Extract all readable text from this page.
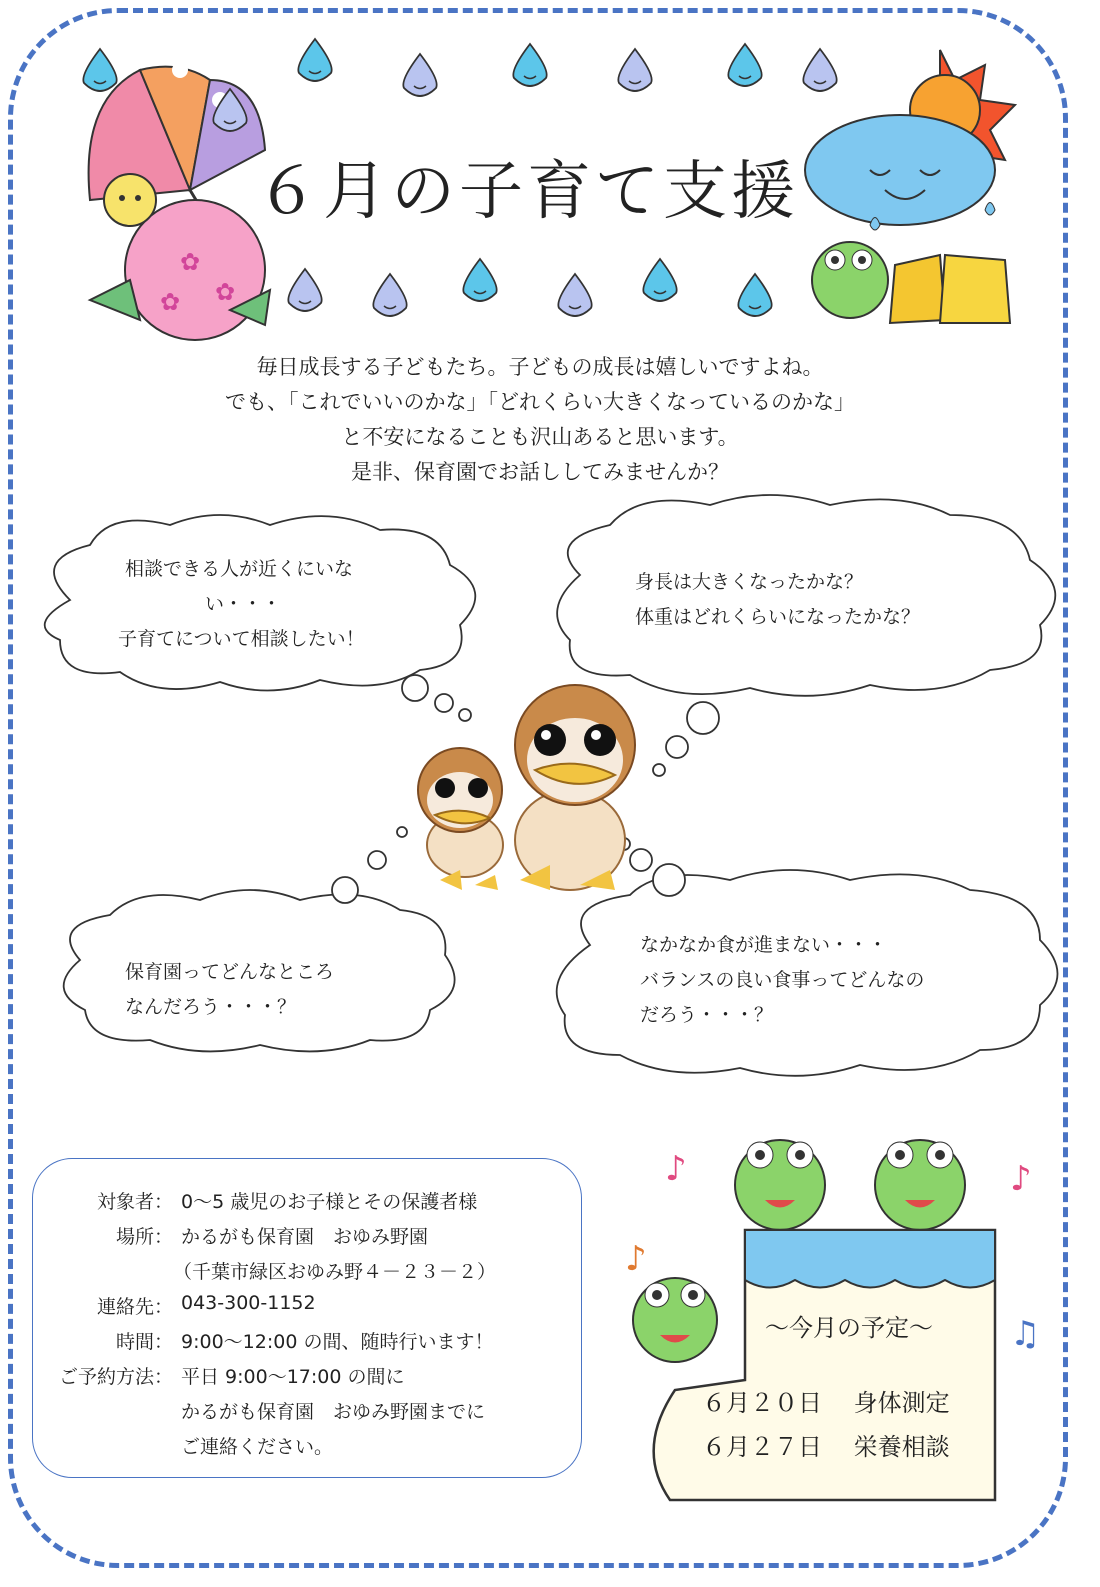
✿
✿
✿
６月の子育て支援
毎日成長する子どもたち。子どもの成長は嬉しいですよね。
でも、「これでいいのかな」「どれくらい大きくなっているのかな」
と不安になることも沢山あると思います。
是非、保育園でお話ししてみませんか？
相談できる人が近くにいな
い・・・
子育てについて相談したい！
身長は大きくなったかな？
体重はどれくらいになったかな？
保育園ってどんなところ
なんだろう・・・？
なかなか食が進まない・・・
バランスの良い食事ってどんなの
だろう・・・？
対象者： 0～5 歳児のお子様とその保護者様
場所： かるがも保育園　おゆみ野園
（千葉市緑区おゆみ野４－２３－２）
連絡先： 043-300-1152
時間： 9:00～12:00 の間、随時行います！
ご予約方法： 平日 9:00～17:00 の間に
かるがも保育園　おゆみ野園までに
ご連絡ください。
♪	♪
♪
♫
～今月の予定～
６月２０日 身体測定
６月２７日 栄養相談
